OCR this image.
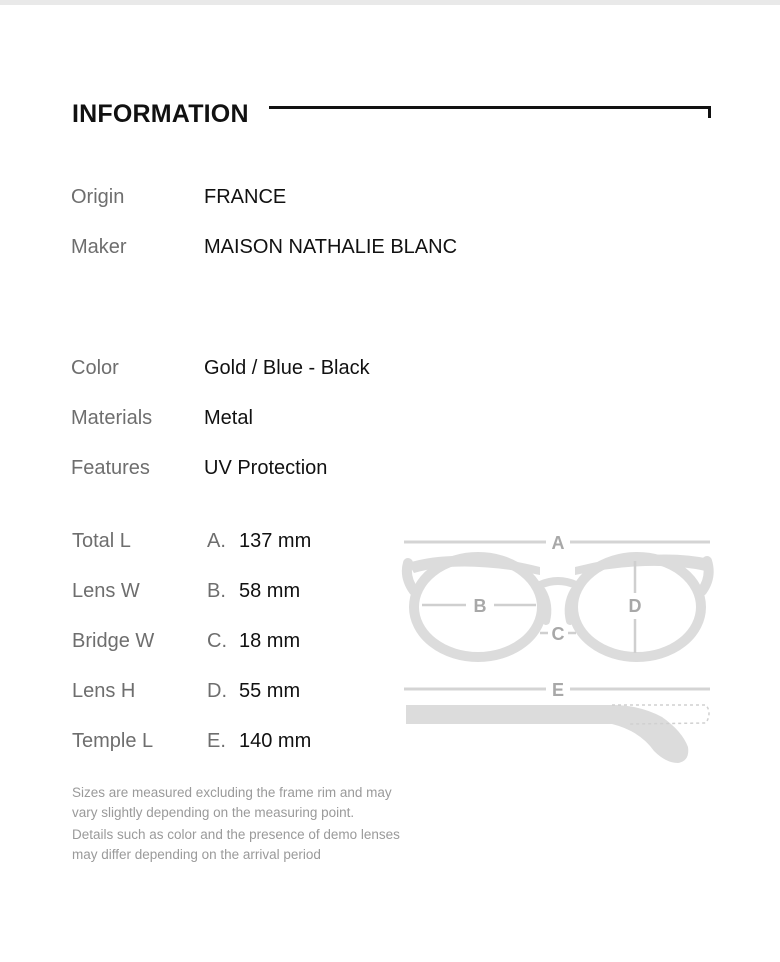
INFORMATION
Origin	FRANCE
Maker	MAISON NATHALIE BLANC
Color	Gold / Blue - Black
Materials	Metal
Features	UV Protection
Total L	A. 137 mm
Lens W	B. 58 mm
Bridge W	C. 18 mm
Lens H	D. 55 mm
Temple L	E. 140 mm
A
B	D
C
E
Sizes are measured excluding the frame rim and may vary slightly depending on the measuring point.
Details such as color and the presence of demo lenses may differ depending on the arrival period
